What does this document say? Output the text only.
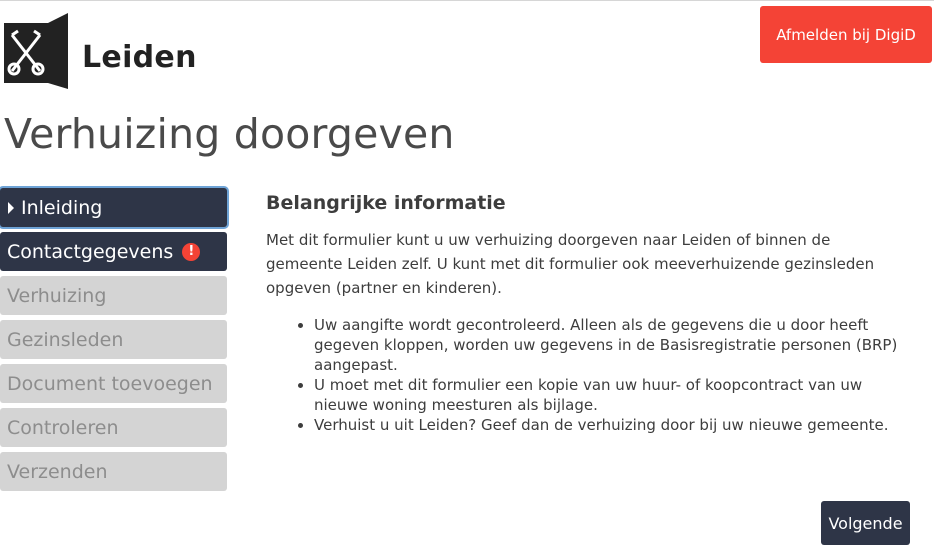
Leiden
Afmelden bij DigiD
Verhuizing doorgeven
Inleiding
Contactgegevens	!
Verhuizing
Gezinsleden
Document toevoegen
Controleren
Verzenden
Belangrijke informatie

Met dit formulier kunt u uw verhuizing doorgeven naar Leiden of binnen de gemeente Leiden zelf. U kunt met dit formulier ook meeverhuizende gezinsleden opgeven (partner en kinderen).

• Uw aangifte wordt gecontroleerd. Alleen als de gegevens die u door heeft gegeven kloppen, worden uw gegevens in de Basisregistratie personen (BRP) aangepast.
• U moet met dit formulier een kopie van uw huur- of koopcontract van uw nieuwe woning meesturen als bijlage.
• Verhuist u uit Leiden? Geef dan de verhuizing door bij uw nieuwe gemeente.
Volgende
